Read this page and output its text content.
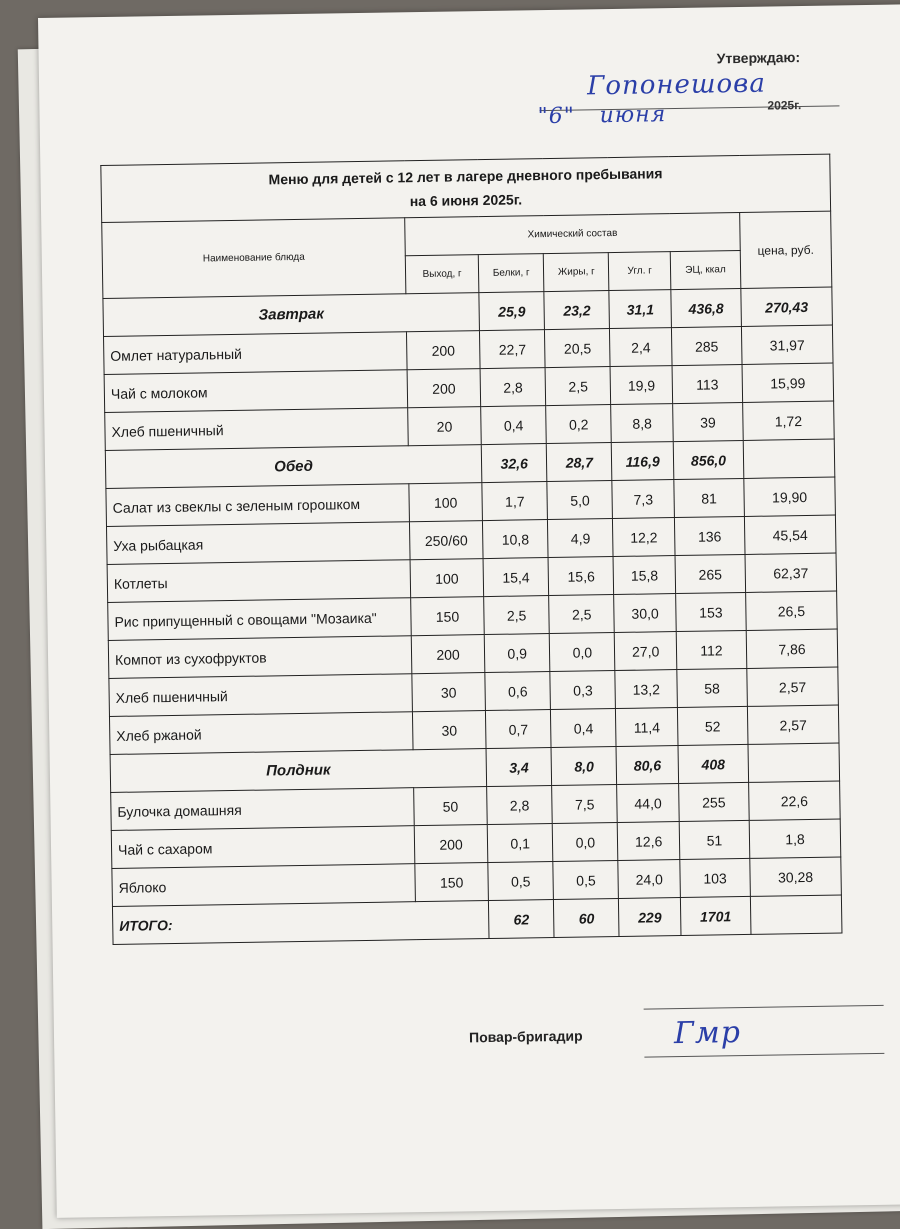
Утверждаю:
Гопонешова
"6" июня	2025г.
Меню для детей с 12 лет в лагере дневного пребывания
на 6 июня 2025г.						
Наименование блюда	Химический состав					цена, руб.
	Выход, г	Белки, г	Жиры, г	Угл. г	ЭЦ, ккал	
Завтрак		25,9	23,2	31,1	436,8	270,43
Омлет натуральный	200	22,7	20,5	2,4	285	31,97
Чай с молоком	200	2,8	2,5	19,9	113	15,99
Хлеб пшеничный	20	0,4	0,2	8,8	39	1,72
Обед		32,6	28,7	116,9	856,0	
Салат из свеклы с зеленым горошком	100	1,7	5,0	7,3	81	19,90
Уха рыбацкая	250/60	10,8	4,9	12,2	136	45,54
Котлеты	100	15,4	15,6	15,8	265	62,37
Рис припущенный с овощами "Мозаика"	150	2,5	2,5	30,0	153	26,5
Компот из сухофруктов	200	0,9	0,0	27,0	112	7,86
Хлеб пшеничный	30	0,6	0,3	13,2	58	2,57
Хлеб ржаной	30	0,7	0,4	11,4	52	2,57
Полдник		3,4	8,0	80,6	408	
Булочка домашняя	50	2,8	7,5	44,0	255	22,6
Чай с сахаром	200	0,1	0,0	12,6	51	1,8
Яблоко	150	0,5	0,5	24,0	103	30,28
ИТОГО:		62	60	229	1701	
Повар-бригадир	Гмр
